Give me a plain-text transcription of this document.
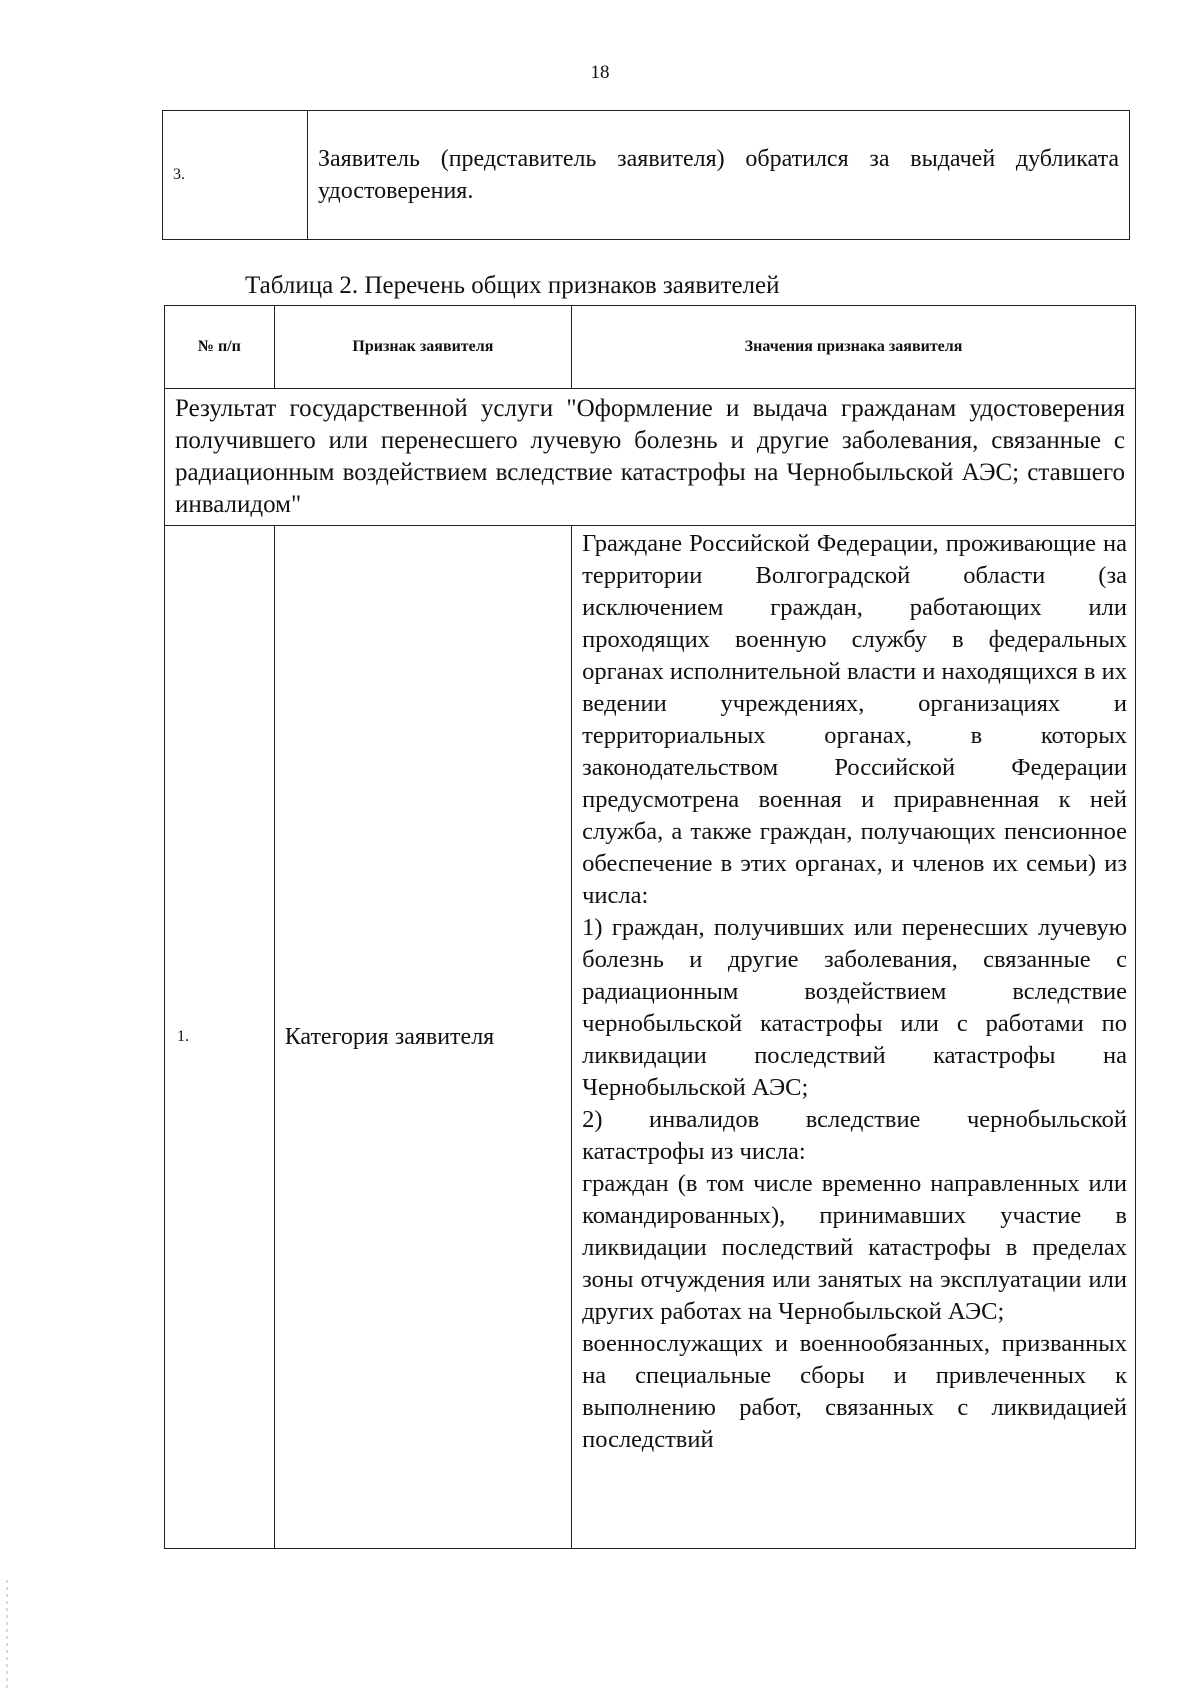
18
3.	Заявитель (представитель заявителя) обратился за выдачей дубликата удостоверения.
Таблица 2. Перечень общих признаков заявителей
№ п/п	Признак заявителя	Значения признака заявителя
Результат государственной услуги "Оформление и выдача гражданам удостоверения получившего или перенесшего лучевую болезнь и другие заболевания, связанные с радиационным воздействием вследствие катастрофы на Чернобыльской АЭС; ставшего инвалидом"		
1.	Категория заявителя	Граждане Российской Федерации, проживающие на территории Волгоградской области (за исключением граждан, работающих или проходящих военную службу в федеральных органах исполнительной власти и находящихся в их ведении учреждениях, организациях и территориальных органах, в которых законодательством Российской Федерации предусмотрена военная и приравненная к ней служба, а также граждан, получающих пенсионное обеспечение в этих органах, и членов их семьи) из числа:
1) граждан, получивших или перенесших лучевую болезнь и другие заболевания, связанные с радиационным воздействием вследствие чернобыльской катастрофы или с работами по ликвидации последствий катастрофы на Чернобыльской АЭС;
2) инвалидов вследствие чернобыльской катастрофы из числа:
граждан (в том числе временно направленных или командированных), принимавших участие в ликвидации последствий катастрофы в пределах зоны отчуждения или занятых на эксплуатации или других работах на Чернобыльской АЭС;
военнослужащих и военнообязанных, призванных на специальные сборы и привлеченных к выполнению работ, связанных с ликвидацией последствий
